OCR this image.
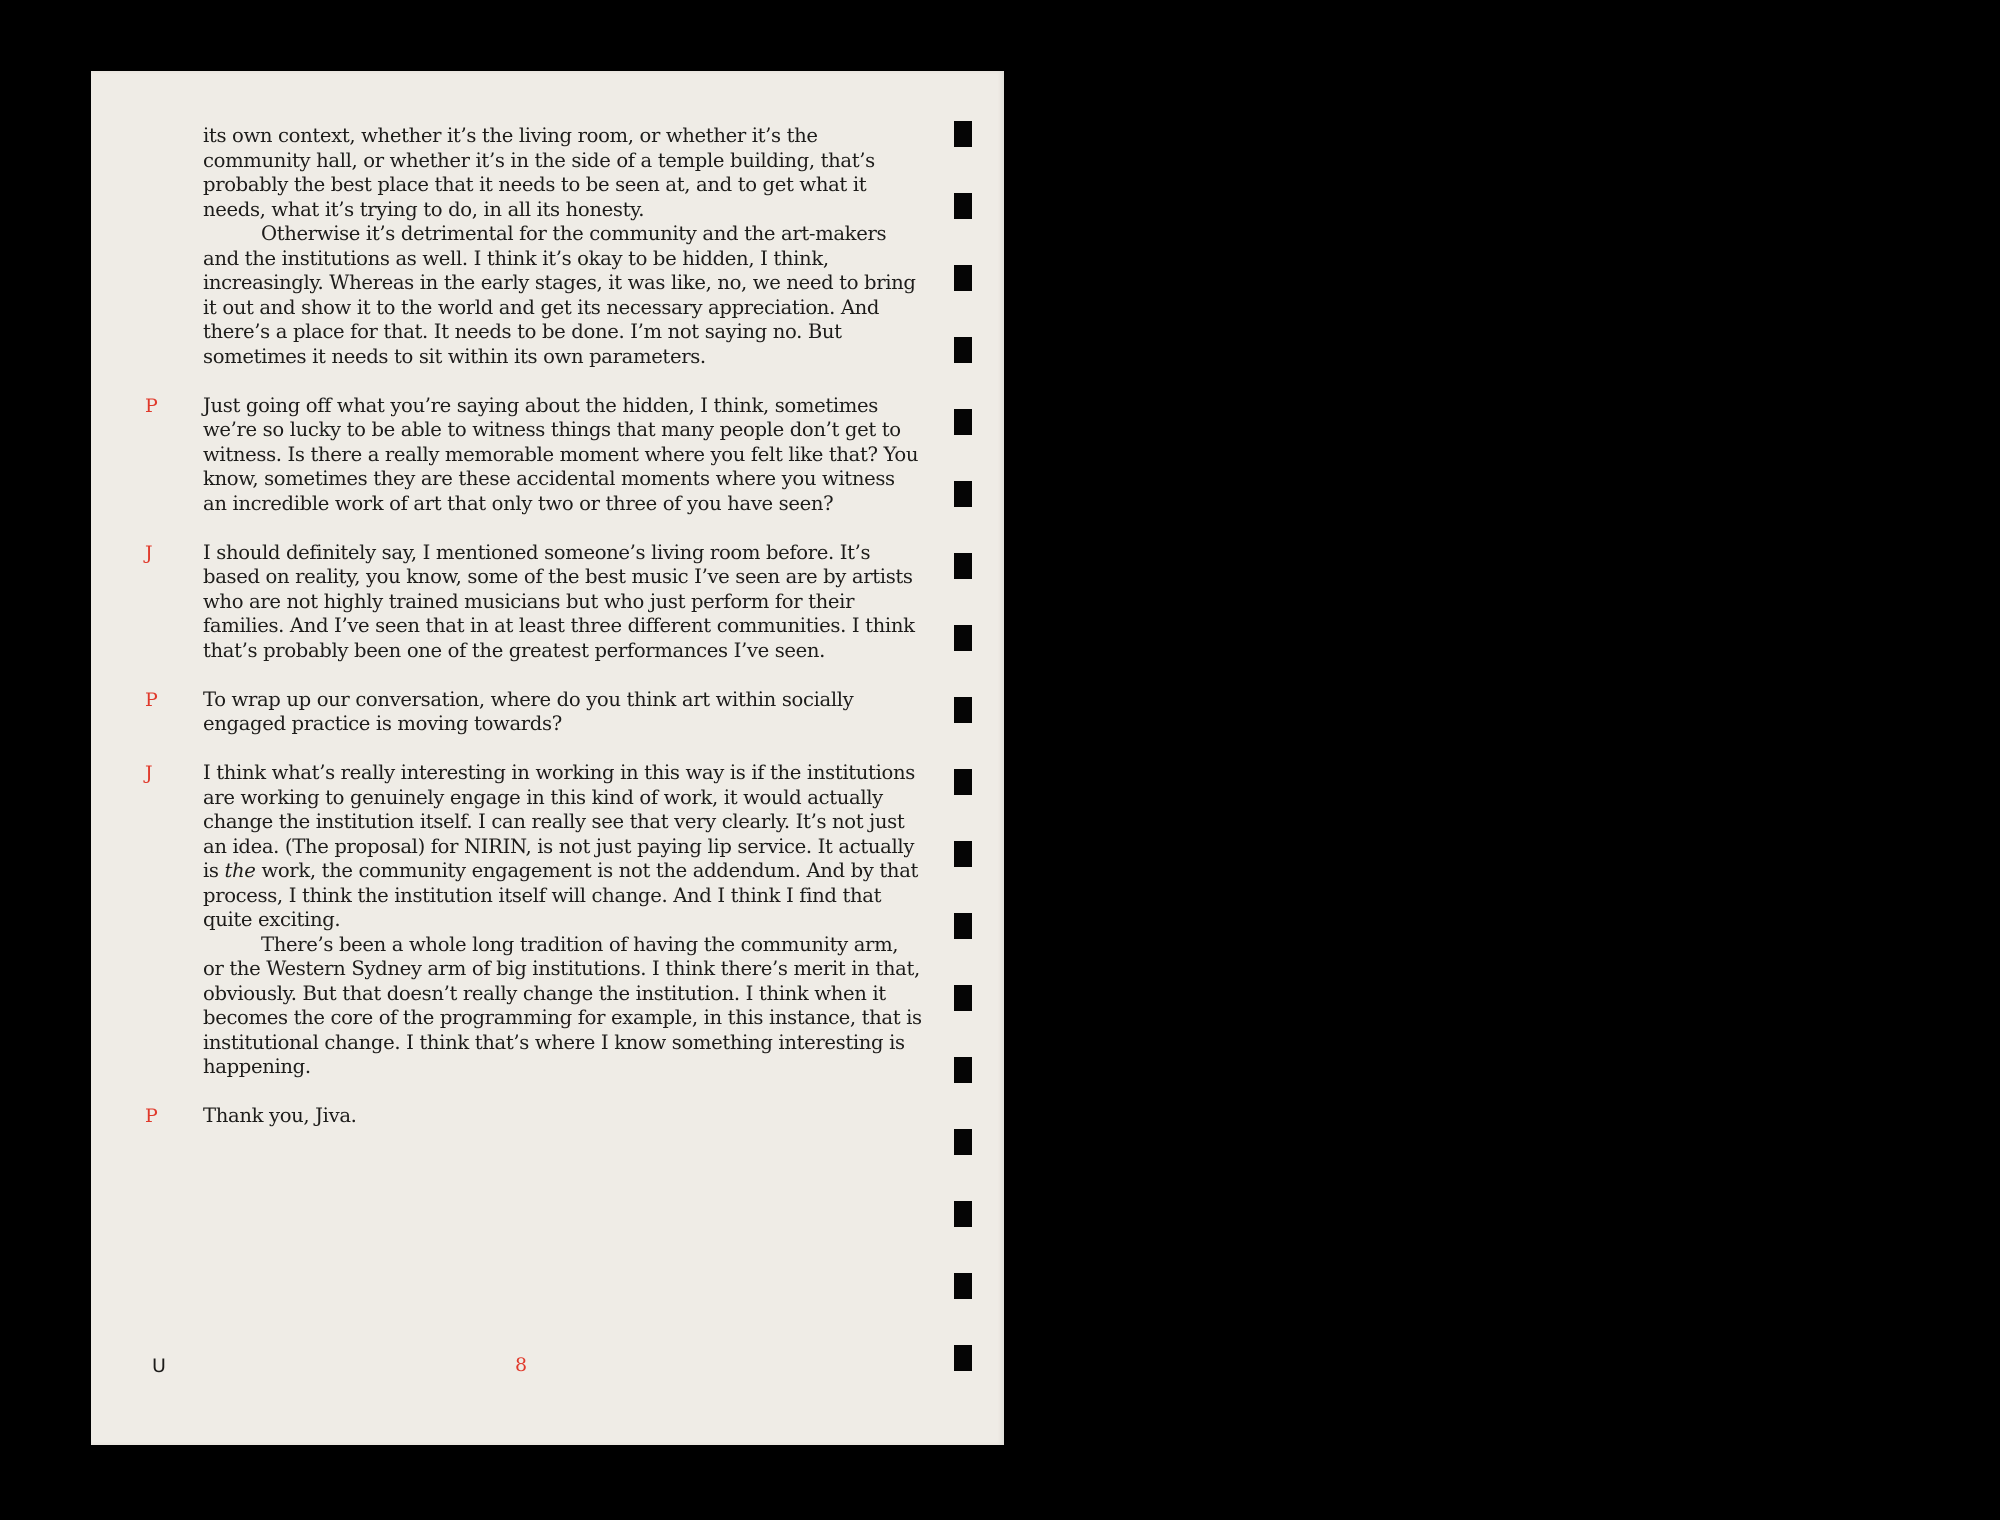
its own context, whether it’s the living room, or whether it’s the community hall, or whether it’s in the side of a temple building, that’s probably the best place that it needs to be seen at, and to get what it needs, what it’s trying to do, in all its honesty.

Otherwise it’s detrimental for the community and the art-makers and the institutions as well. I think it’s okay to be hidden, I think, increasingly. Whereas in the early stages, it was like, no, we need to bring it out and show it to the world and get its necessary appreciation. And there’s a place for that. It needs to be done. I’m not saying no. But sometimes it needs to sit within its own parameters.

P Just going off what you’re saying about the hidden, I think, sometimes we’re so lucky to be able to witness things that many people don’t get to witness. Is there a really memorable moment where you felt like that? You know, sometimes they are these accidental moments where you witness an incredible work of art that only two or three of you have seen?

J	I should definitely say, I mentioned someone’s living room before. It’s based on reality, you know, some of the best music I’ve seen are by artists who are not highly trained musicians but who just perform for their families. And I’ve seen that in at least three different communities. I think that’s probably been one of the greatest performances I’ve seen.

P To wrap up our conversation, where do you think art within socially engaged practice is moving towards?

J	I think what’s really interesting in working in this way is if the institutions are working to genuinely engage in this kind of work, it would actually change the institution itself. I can really see that very clearly. It’s not just an idea. (The proposal) for NIRIN, is not just paying lip service. It actually is the work, the community engagement is not the addendum. And by that process, I think the institution itself will change. And I think I find that quite exciting.

There’s been a whole long tradition of having the community arm, or the Western Sydney arm of big institutions. I think there’s merit in that, obviously. But that doesn’t really change the institution. I think when it becomes the core of the programming for example, in this instance, that is institutional change. I think that’s where I know something interesting is happening.

P Thank you, Jiva.

U	8
